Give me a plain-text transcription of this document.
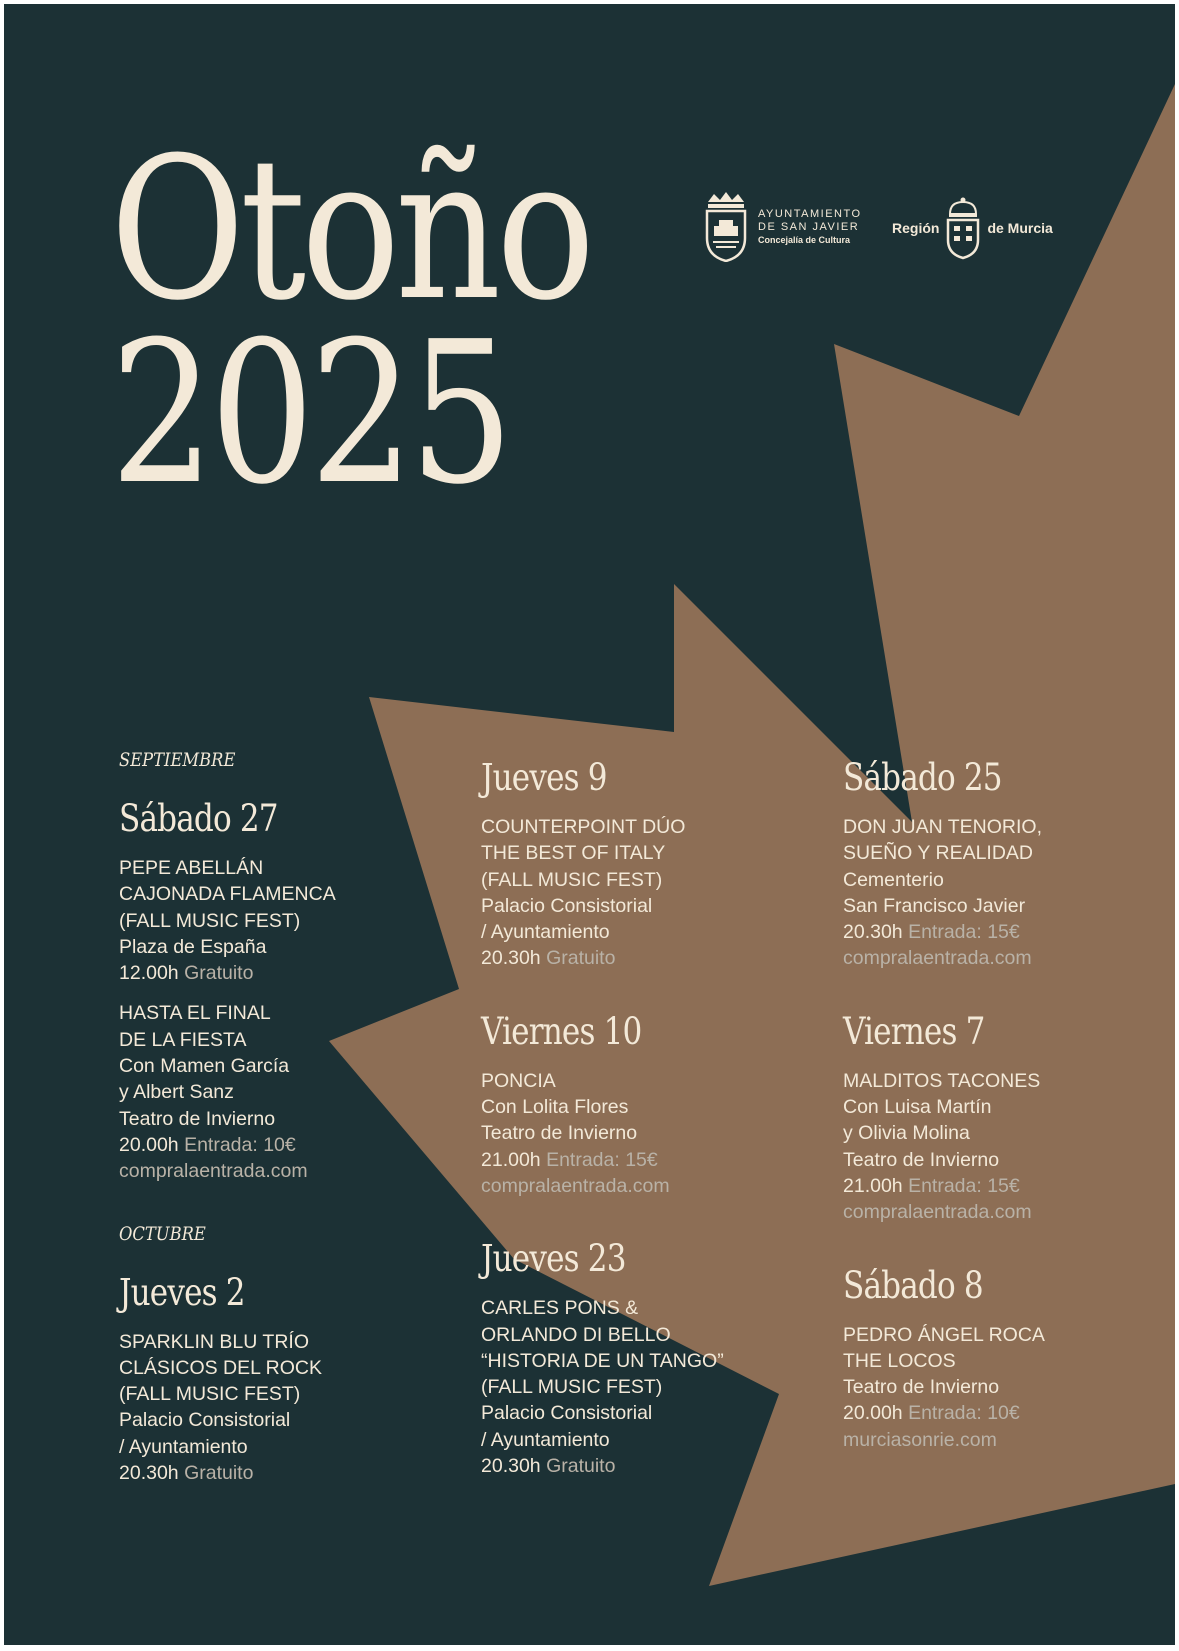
Otoño
2025
AYUNTAMIENTO
DE SAN JAVIER
Concejalía de Cultura
Región	de Murcia

SEPTIEMBRE

Sábado 27

PEPE ABELLÁN
CAJONADA FLAMENCA
(FALL MUSIC FEST)
Plaza de España
12.00h Gratuito
HASTA EL FINAL
DE LA FIESTA
Con Mamen García
y Albert Sanz
Teatro de Invierno
20.00h Entrada: 10€
compralaentrada.com

OCTUBRE

Jueves 2

SPARKLIN BLU TRÍO
CLÁSICOS DEL ROCK
(FALL MUSIC FEST)
Palacio Consistorial
/ Ayuntamiento
20.30h Gratuito

Jueves 9

COUNTERPOINT DÚO
THE BEST OF ITALY
(FALL MUSIC FEST)
Palacio Consistorial
/ Ayuntamiento
20.30h Gratuito

Viernes 10

PONCIA
Con Lolita Flores
Teatro de Invierno
21.00h Entrada: 15€
compralaentrada.com

Jueves 23

CARLES PONS &
ORLANDO DI BELLO
“HISTORIA DE UN TANGO”
(FALL MUSIC FEST)
Palacio Consistorial
/ Ayuntamiento
20.30h Gratuito

Sábado 25

DON JUAN TENORIO,
SUEÑO Y REALIDAD
Cementerio
San Francisco Javier
20.30h Entrada: 15€
compralaentrada.com

Viernes 7

MALDITOS TACONES
Con Luisa Martín
y Olivia Molina
Teatro de Invierno
21.00h Entrada: 15€
compralaentrada.com

Sábado 8

PEDRO ÁNGEL ROCA
THE LOCOS
Teatro de Invierno
20.00h Entrada: 10€
murciasonrie.com
